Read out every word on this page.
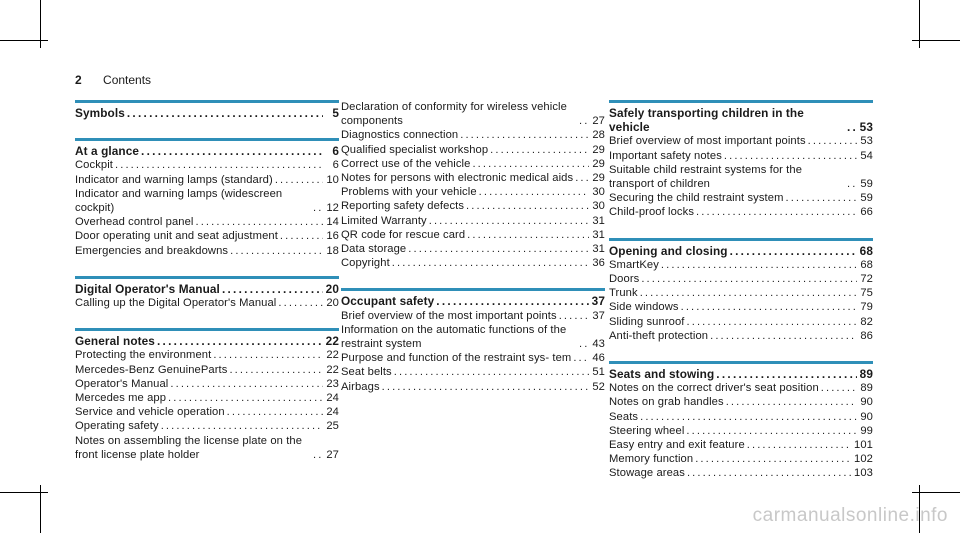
2 Contents
Symbols . . .	5
At a glance . . .	6
Cockpit . . .	6
Indicator and warning lamps (standard) . . .	10
Indicator and warning lamps (widescreen cockpit) . . .	12
Overhead control panel . . .	14
Door operating unit and seat adjustment . . .	16
Emergencies and breakdowns . . .	18
Digital Operator's Manual . . .	20
Calling up the Digital Operator's Manual . . .	20
General notes . . .	22
Protecting the environment . . .	22
Mercedes-Benz GenuineParts . . .	22
Operator's Manual . . .	23
Mercedes me app . . .	24
Service and vehicle operation . . .	24
Operating safety . . .	25
Notes on assembling the license plate on the front license plate holder . . .	27
Declaration of conformity for wireless vehicle components . . .	27
Diagnostics connection . . .	28
Qualified specialist workshop . . .	29
Correct use of the vehicle . . .	29
Notes for persons with electronic medical aids . . . 29
Problems with your vehicle . . .	30
Reporting safety defects . . .	30
Limited Warranty . . .	31
QR code for rescue card . . .	31
Data storage . . .	31
Copyright . . .	36
Occupant safety . . .	37
Brief overview of the most important points . . .	37
Information on the automatic functions of the restraint system . . .	43
Purpose and function of the restraint sys- tem . . . 46
Seat belts . . .	51
Airbags . . .	52
Safely transporting children in the vehicle . . .	53
Brief overview of most important points . . .	53
Important safety notes . . .	54
Suitable child restraint systems for the transport of children . . .	59
Securing the child restraint system . . .	59
Child-proof locks . . .	66
Opening and closing . . .	68
SmartKey . . .	68
Doors . . .	72
Trunk . . .	75
Side windows . . .	79
Sliding sunroof . . .	82
Anti-theft protection . . .	86
Seats and stowing . . .	89
Notes on the correct driver's seat position . . .	89
Notes on grab handles . . .	90
Seats . . .	90
Steering wheel . . .	99
Easy entry and exit feature . . .	101
Memory function . . .	102
Stowage areas . . .	103
carmanualsonline.info
